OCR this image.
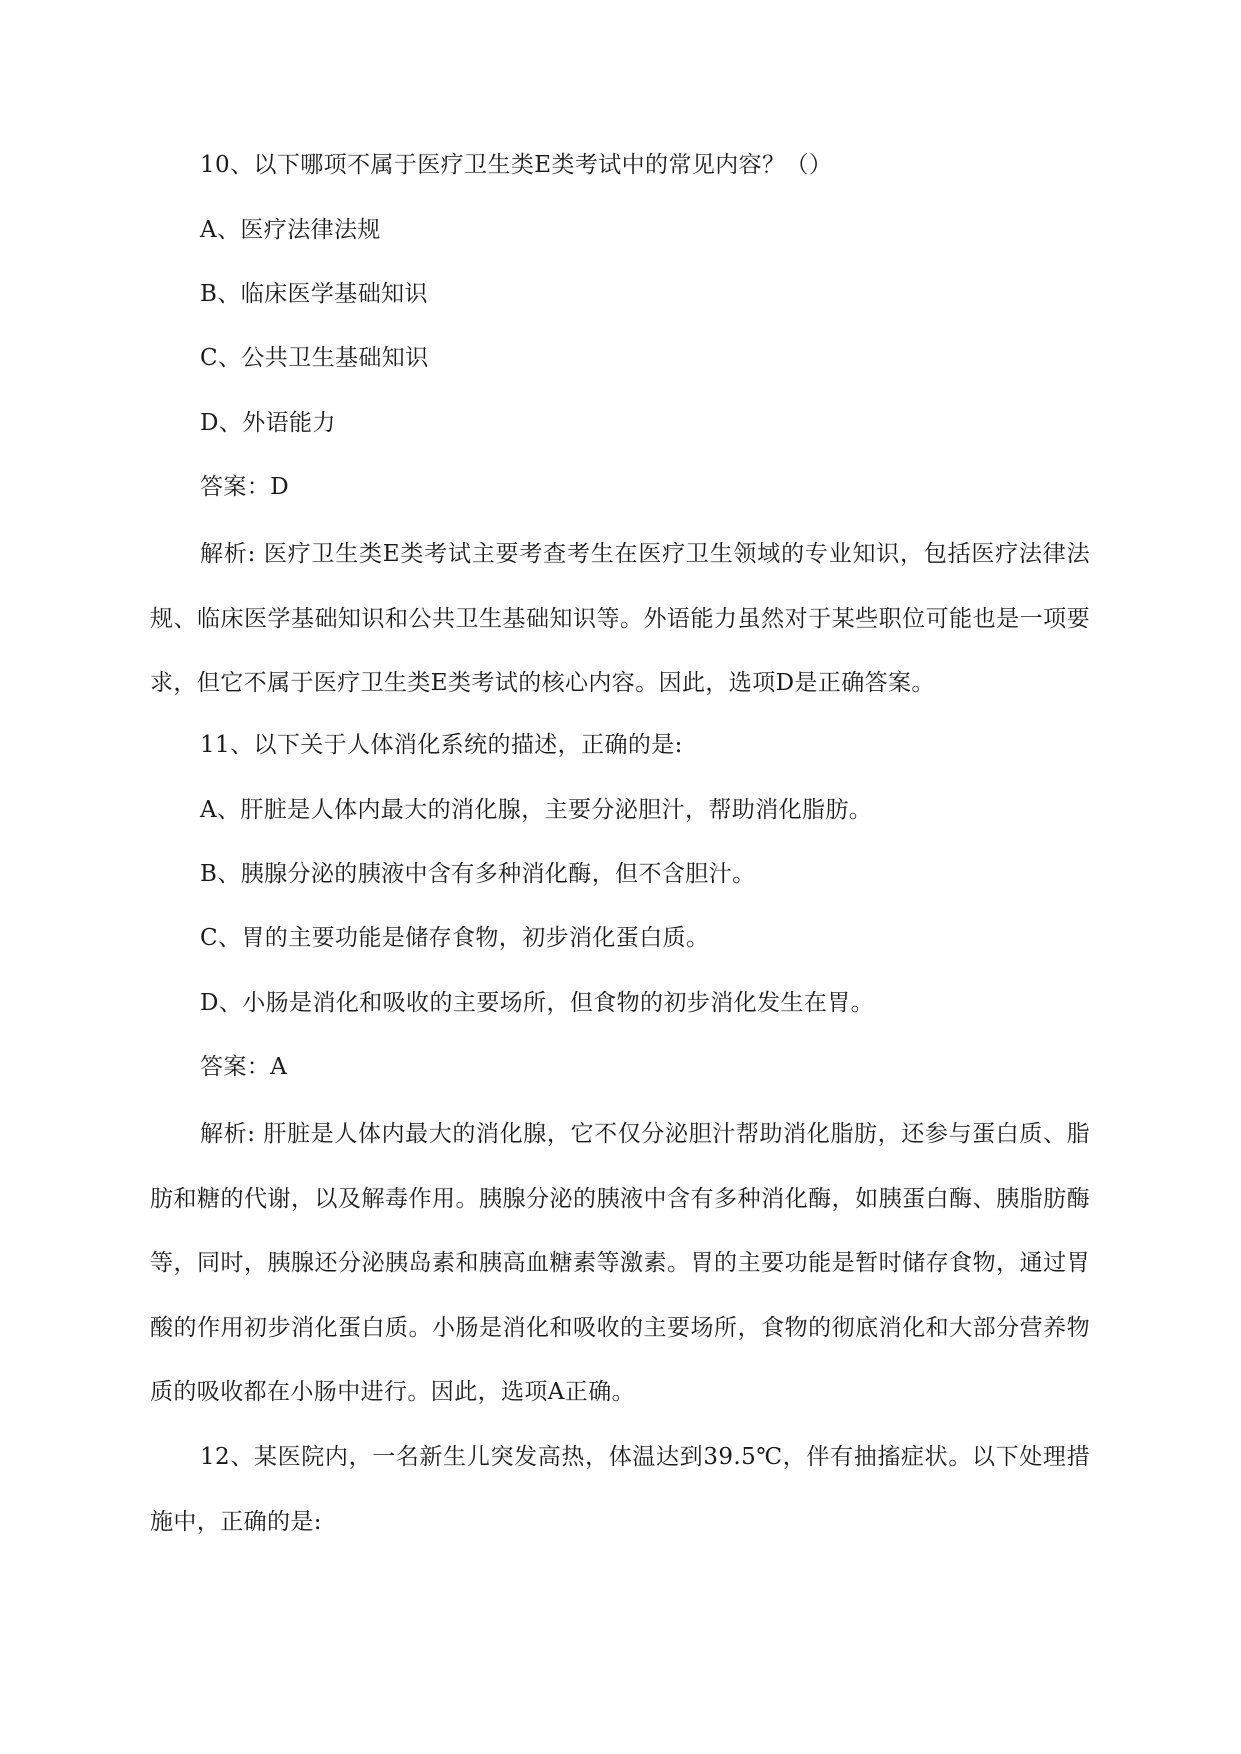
10、以下哪项不属于医疗卫生类E类考试中的常见内容？（）
A、医疗法律法规
B、临床医学基础知识
C、公共卫生基础知识
D、外语能力
答案：D
解析: 医疗卫生类E类考试主要考查考生在医疗卫生领域的专业知识，包括医疗法律法规、临床医学基础知识和公共卫生基础知识等。外语能力虽然对于某些职位可能也是一项要求，但它不属于医疗卫生类E类考试的核心内容。因此，选项D是正确答案。
11、以下关于人体消化系统的描述，正确的是:
A、肝脏是人体内最大的消化腺，主要分泌胆汁，帮助消化脂肪。
B、胰腺分泌的胰液中含有多种消化酶，但不含胆汁。
C、胃的主要功能是储存食物，初步消化蛋白质。
D、小肠是消化和吸收的主要场所，但食物的初步消化发生在胃。
答案：A
解析: 肝脏是人体内最大的消化腺，它不仅分泌胆汁帮助消化脂肪，还参与蛋白质、脂肪和糖的代谢，以及解毒作用。胰腺分泌的胰液中含有多种消化酶，如胰蛋白酶、胰脂肪酶等，同时，胰腺还分泌胰岛素和胰高血糖素等激素。胃的主要功能是暂时储存食物，通过胃酸的作用初步消化蛋白质。小肠是消化和吸收的主要场所，食物的彻底消化和大部分营养物质的吸收都在小肠中进行。因此，选项A正确。
12、某医院内，一名新生儿突发高热，体温达到39.5℃，伴有抽搐症状。以下处理措施中，正确的是:
